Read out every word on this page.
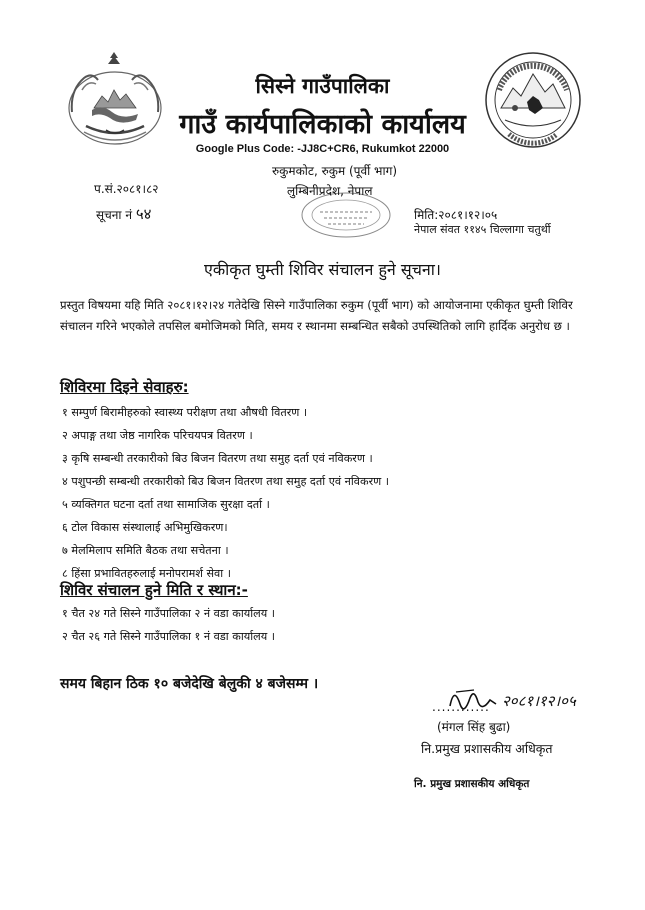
सिस्ने गाउँपालिका
गाउँ कार्यपालिकाको कार्यालय
Google Plus Code: -JJ8C+CR6, Rukumkot 22000
रुकुमकोट, रुकुम (पूर्वी भाग)
लुम्बिनीप्रदेश, नेपाल
प.सं.२०८१।८२
सूचना नं ५४	मिति:२०८१।१२।०५
नेपाल संवत ११४५ चिल्लागा चतुर्थी
एकीकृत घुम्ती शिविर संचालन हुने सूचना।
प्रस्तुत विषयमा यहि मिति २०८१।१२।२४ गतेदेखि सिस्ने गाउँपालिका रुकुम (पूर्वी भाग) को आयोजनामा एकीकृत घुम्ती शिविर संचालन गरिने भएकोले तपसिल बमोजिमको मिति, समय र स्थानमा सम्बन्धित सबैको उपस्थितिको लागि हार्दिक अनुरोध छ ।
शिविरमा दिइने सेवाहरु:
१ सम्पुर्ण बिरामीहरुको स्वास्थ्य परीक्षण तथा औषधी वितरण ।
२ अपाङ्ग तथा जेष्ठ नागरिक परिचयपत्र वितरण ।
३ कृषि सम्बन्धी तरकारीको बिउ बिजन वितरण तथा समुह दर्ता एवं नविकरण ।
४ पशुपन्छी सम्बन्धी तरकारीको बिउ बिजन वितरण तथा समुह दर्ता एवं नविकरण ।
५ व्यक्तिगत घटना दर्ता तथा सामाजिक सुरक्षा दर्ता ।
६ टोल विकास संस्थालाई अभिमुखिकरण।
७ मेलमिलाप समिति बैठक तथा सचेतना ।
८ हिंसा प्रभावितहरुलाई मनोपरामर्श सेवा ।
शिविर संचालन हुने मिति र स्थान:-
१ चैत २४ गते सिस्ने गाउँपालिका २ नं वडा कार्यालय ।
२ चैत २६ गते सिस्ने गाउँपालिका १ नं वडा कार्यालय ।
समय बिहान ठिक १० बजेदेखि बेलुकी ४ बजेसम्म ।
२०८१।१२।०५
............
(मंगल सिंह बुढा)
नि.प्रमुख प्रशासकीय अधिकृत
नि. प्रमुख प्रशासकीय अधिकृत
